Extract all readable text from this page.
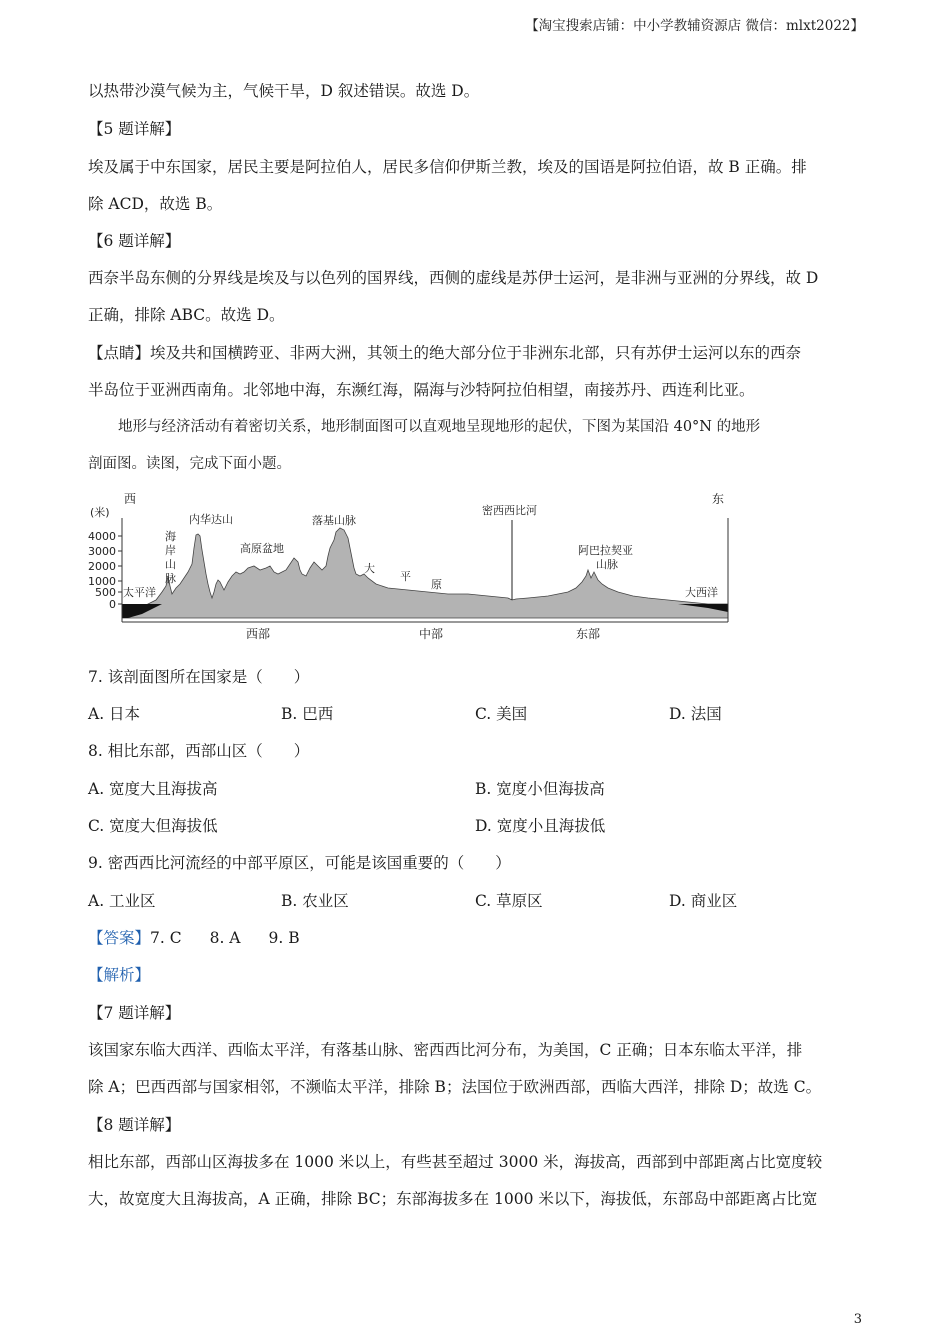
【淘宝搜索店铺：中小学教辅资源店 微信：mlxt2022】
以热带沙漠气候为主，气候干旱，D 叙述错误。故选 D。
【5 题详解】
埃及属于中东国家，居民主要是阿拉伯人，居民多信仰伊斯兰教，埃及的国语是阿拉伯语，故 B 正确。排
除 ACD，故选 B。
【6 题详解】
西奈半岛东侧的分界线是埃及与以色列的国界线，西侧的虚线是苏伊士运河，是非洲与亚洲的分界线，故 D
正确，排除 ABC。故选 D。
【点睛】埃及共和国横跨亚、非两大洲，其领土的绝大部分位于非洲东北部，只有苏伊士运河以东的西奈
半岛位于亚洲西南角。北邻地中海，东濒红海，隔海与沙特阿拉伯相望，南接苏丹、西连利比亚。
地形与经济活动有着密切关系，地形制面图可以直观地呈现地形的起伏，下图为某国沿 40°N 的地形
剖面图。读图，完成下面小题。
4000
3000
2000
1000
500
0
西	东
(米)
太平洋
海
岸
山
脉
内华达山
高原盆地
落基山脉
大
平
原
密西西比河
阿巴拉契亚
山脉
大西洋
西部	中部	东部
7. 该剖面图所在国家是（　　）
A. 日本	B. 巴西	C. 美国	D. 法国
8. 相比东部，西部山区（　　）
A. 宽度大且海拔高	B. 宽度小但海拔高
C. 宽度大但海拔低	D. 宽度小且海拔低
9. 密西西比河流经的中部平原区，可能是该国重要的（　　）
A. 工业区	B. 农业区	C. 草原区	D. 商业区
【答案】7. C 8. A 9. B
【解析】
【7 题详解】
该国家东临大西洋、西临太平洋，有落基山脉、密西西比河分布，为美国，C 正确；日本东临太平洋，排
除 A；巴西西部与国家相邻，不濒临太平洋，排除 B；法国位于欧洲西部，西临大西洋，排除 D；故选 C。
【8 题详解】
相比东部，西部山区海拔多在 1000 米以上，有些甚至超过 3000 米，海拔高，西部到中部距离占比宽度较
大，故宽度大且海拔高，A 正确，排除 BC；东部海拔多在 1000 米以下，海拔低，东部岛中部距离占比宽
3
